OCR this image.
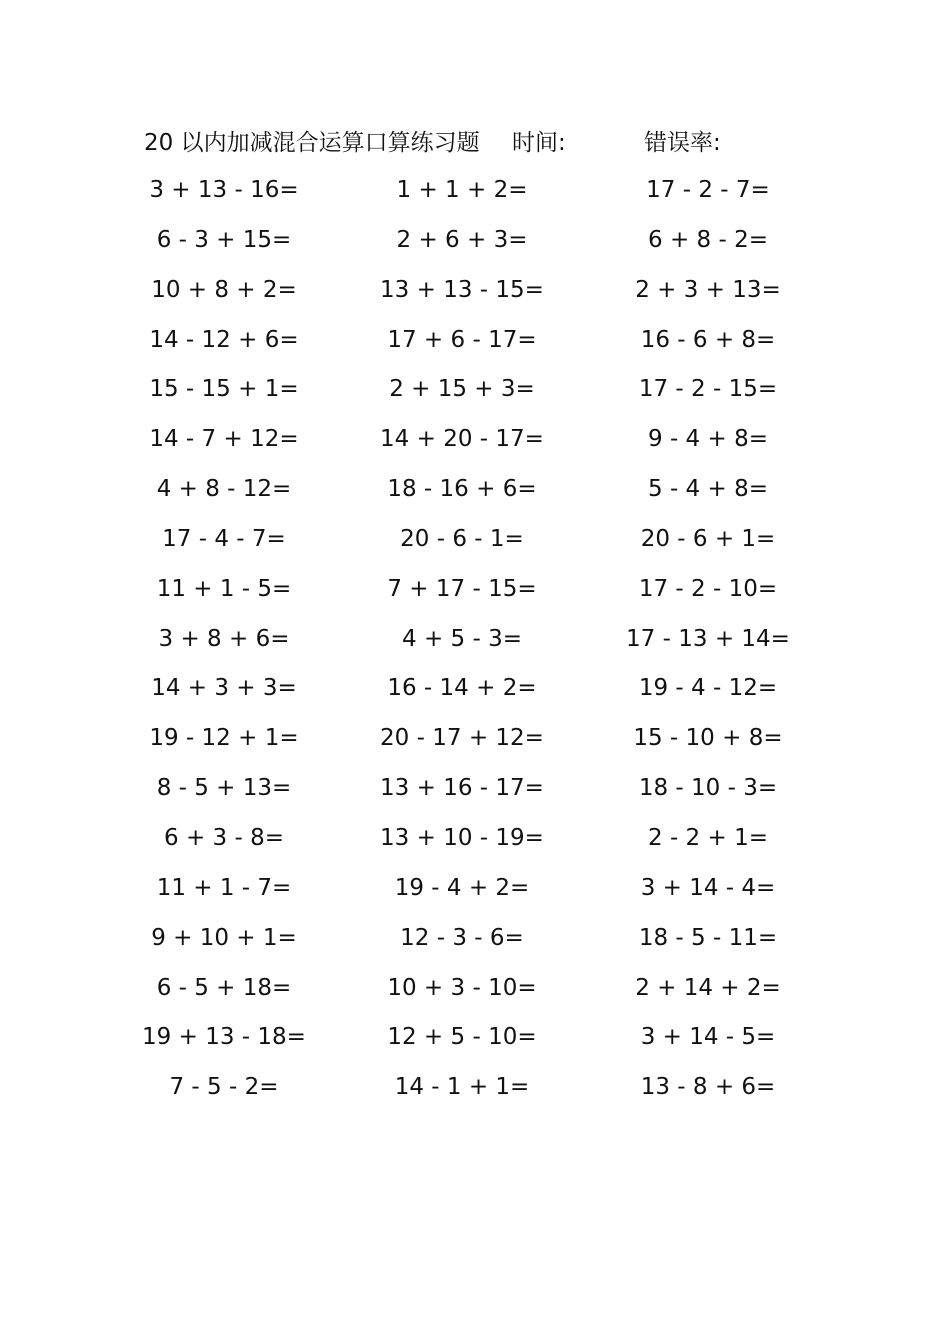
20 以内加减混合运算口算练习题 时间:	错误率:
3 + 13 - 16=	1 + 1 + 2=	17 - 2 - 7=
6 - 3 + 15=	2 + 6 + 3=	6 + 8 - 2=
10 + 8 + 2=	13 + 13 - 15=	2 + 3 + 13=
14 - 12 + 6=	17 + 6 - 17=	16 - 6 + 8=
15 - 15 + 1=	2 + 15 + 3=	17 - 2 - 15=
14 - 7 + 12=	14 + 20 - 17=	9 - 4 + 8=
4 + 8 - 12=	18 - 16 + 6=	5 - 4 + 8=
17 - 4 - 7=	20 - 6 - 1=	20 - 6 + 1=
11 + 1 - 5=	7 + 17 - 15=	17 - 2 - 10=
3 + 8 + 6=	4 + 5 - 3=	17 - 13 + 14=
14 + 3 + 3=	16 - 14 + 2=	19 - 4 - 12=
19 - 12 + 1=	20 - 17 + 12=	15 - 10 + 8=
8 - 5 + 13=	13 + 16 - 17=	18 - 10 - 3=
6 + 3 - 8=	13 + 10 - 19=	2 - 2 + 1=
11 + 1 - 7=	19 - 4 + 2=	3 + 14 - 4=
9 + 10 + 1=	12 - 3 - 6=	18 - 5 - 11=
6 - 5 + 18=	10 + 3 - 10=	2 + 14 + 2=
19 + 13 - 18=	12 + 5 - 10=	3 + 14 - 5=
7 - 5 - 2=	14 - 1 + 1=	13 - 8 + 6=
